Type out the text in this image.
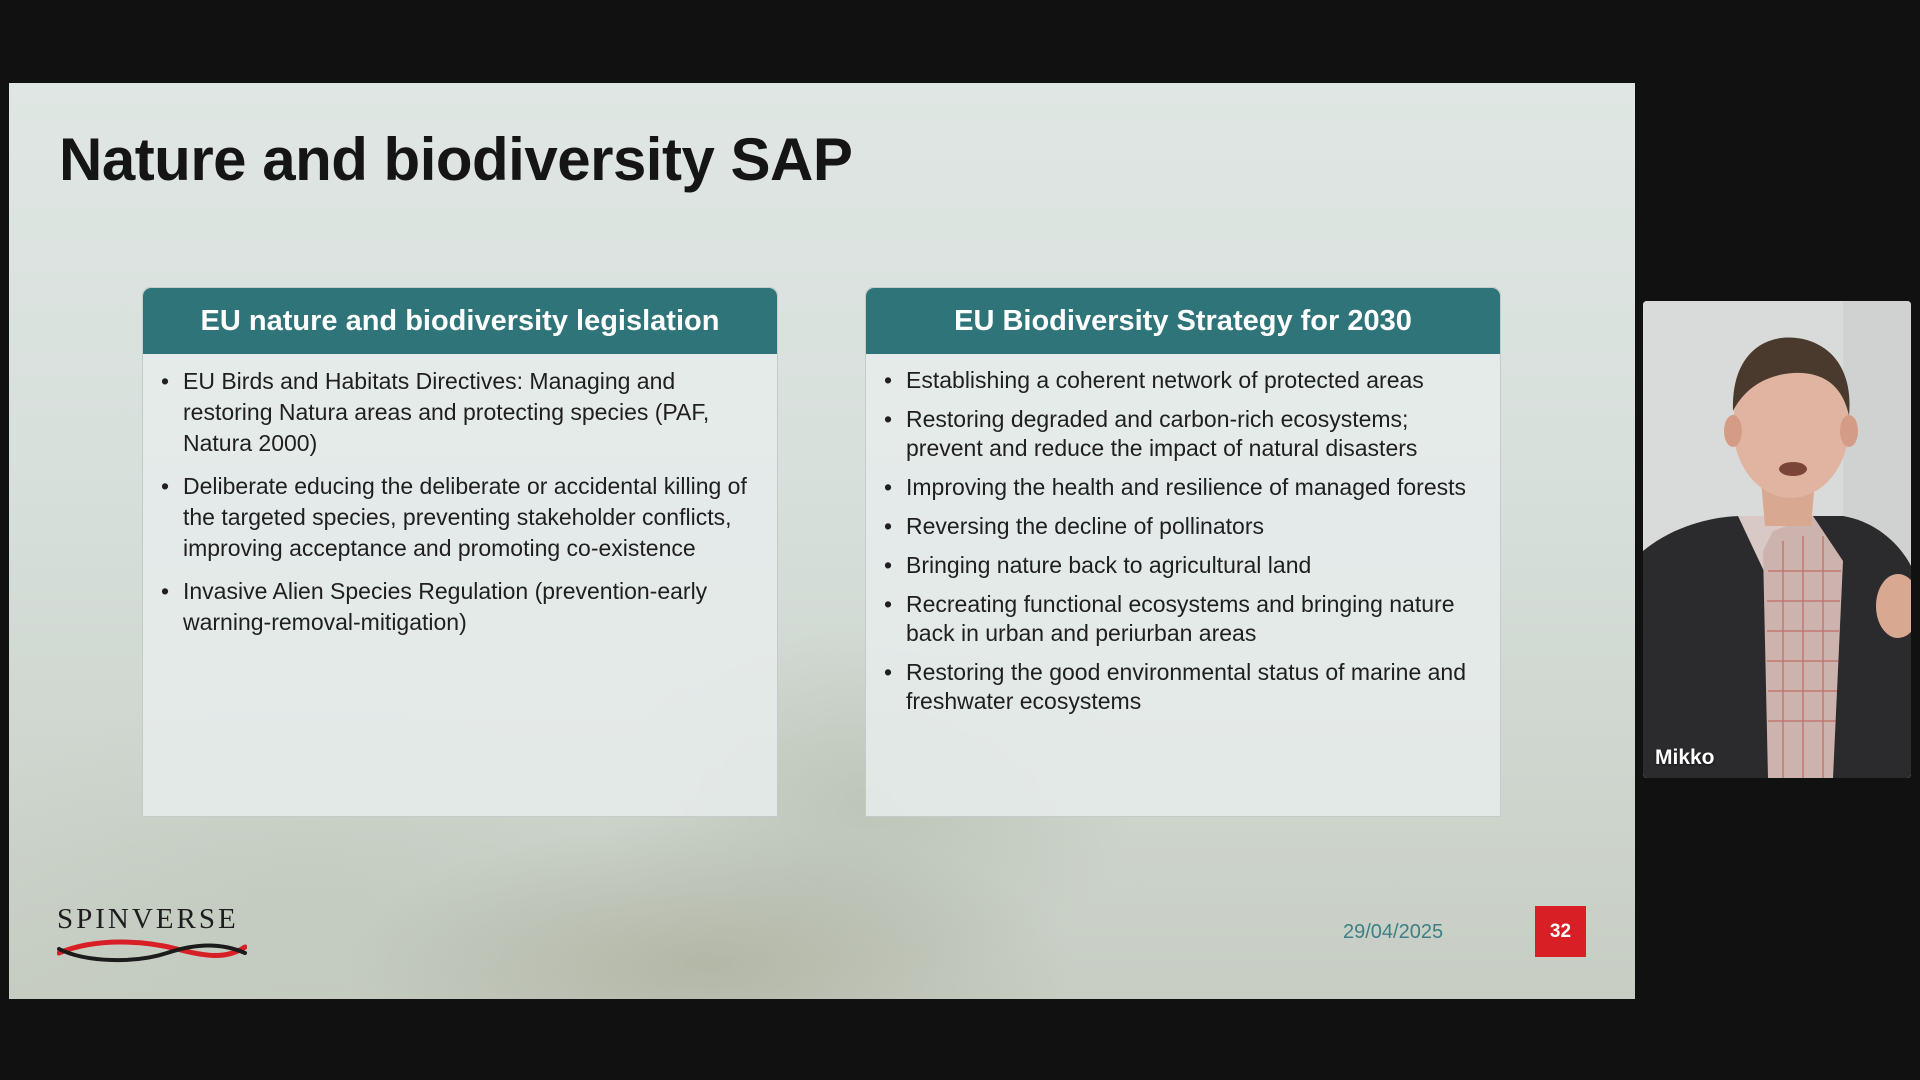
Nature and biodiversity SAP
EU nature and biodiversity legislation
• EU Birds and Habitats Directives: Managing and restoring Natura areas and protecting species (PAF, Natura 2000)
• Deliberate educing the deliberate or accidental killing of the targeted species, preventing stakeholder conflicts, improving acceptance and promoting co-existence
• Invasive Alien Species Regulation (prevention-early warning-removal-mitigation)
EU Biodiversity Strategy for 2030
• Establishing a coherent network of protected areas
• Restoring degraded and carbon-rich ecosystems; prevent and reduce the impact of natural disasters
• Improving the health and resilience of managed forests
• Reversing the decline of pollinators
• Bringing nature back to agricultural land
• Recreating functional ecosystems and bringing nature back in urban and periurban areas
• Restoring the good environmental status of marine and freshwater ecosystems
SPINVERSE	29/04/2025	32
Mikko
